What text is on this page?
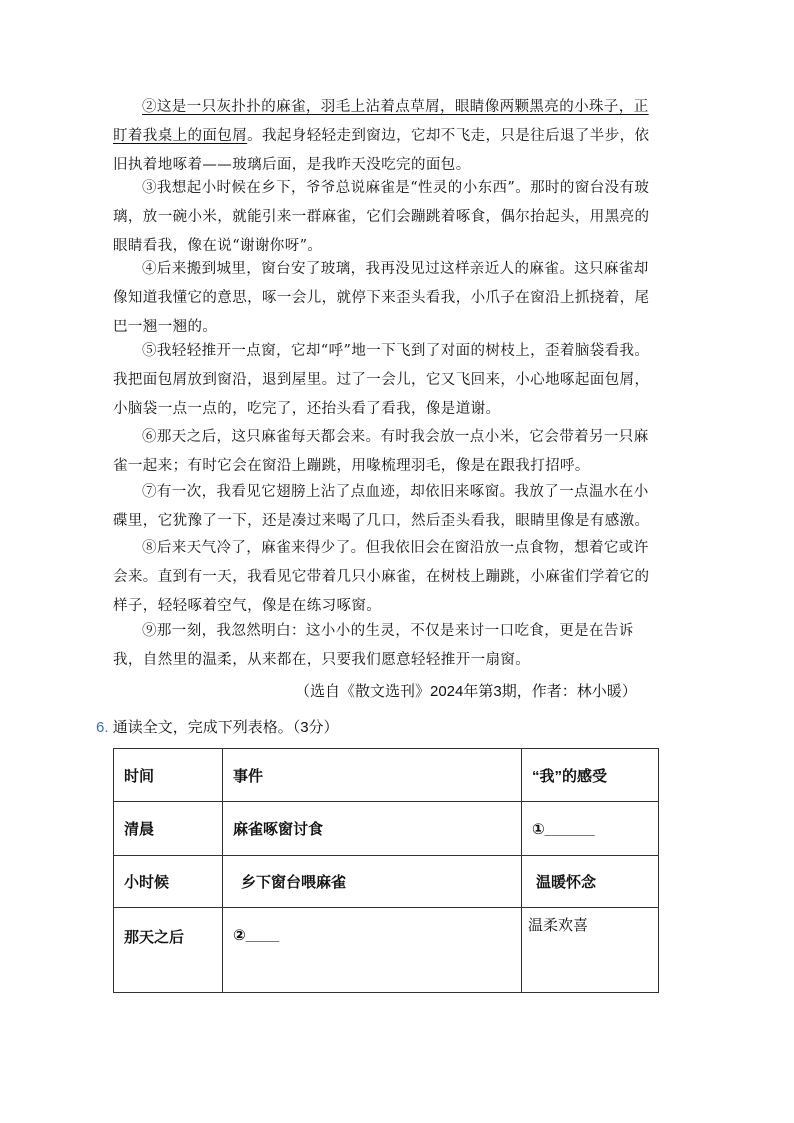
②这是一只灰扑扑的麻雀，羽毛上沾着点草屑，眼睛像两颗黑亮的小珠子，正盯着我桌上的面包屑。我起身轻轻走到窗边，它却不飞走，只是往后退了半步，依旧执着地啄着——玻璃后面，是我昨天没吃完的面包。

③我想起小时候在乡下，爷爷总说麻雀是“性灵的小东西”。那时的窗台没有玻璃，放一碗小米，就能引来一群麻雀，它们会蹦跳着啄食，偶尔抬起头，用黑亮的眼睛看我，像在说“谢谢你呀”。

④后来搬到城里，窗台安了玻璃，我再没见过这样亲近人的麻雀。这只麻雀却像知道我懂它的意思，啄一会儿，就停下来歪头看我，小爪子在窗沿上抓挠着，尾巴一翘一翘的。

⑤我轻轻推开一点窗，它却“呼”地一下飞到了对面的树枝上，歪着脑袋看我。我把面包屑放到窗沿，退到屋里。过了一会儿，它又飞回来，小心地啄起面包屑，小脑袋一点一点的，吃完了，还抬头看了看我，像是道谢。

⑥那天之后，这只麻雀每天都会来。有时我会放一点小米，它会带着另一只麻雀一起来；有时它会在窗沿上蹦跳，用喙梳理羽毛，像是在跟我打招呼。

⑦有一次，我看见它翅膀上沾了点血迹，却依旧来啄窗。我放了一点温水在小碟里，它犹豫了一下，还是凑过来喝了几口，然后歪头看我，眼睛里像是有感激。

⑧后来天气冷了，麻雀来得少了。但我依旧会在窗沿放一点食物，想着它或许会来。直到有一天，我看见它带着几只小麻雀，在树枝上蹦跳，小麻雀们学着它的样子，轻轻啄着空气，像是在练习啄窗。

⑨那一刻，我忽然明白：这小小的生灵，不仅是来讨一口吃食，更是在告诉我，自然里的温柔，从来都在，只要我们愿意轻轻推开一扇窗。

（选自《散文选刊》2024年第3期，作者：林小暖）

6. 通读全文，完成下列表格。（3分）

时间	事件	“我”的感受
清晨	麻雀啄窗讨食	①______
小时候	乡下窗台喂麻雀	温暖怀念
那天之后	②____	温柔欢喜
